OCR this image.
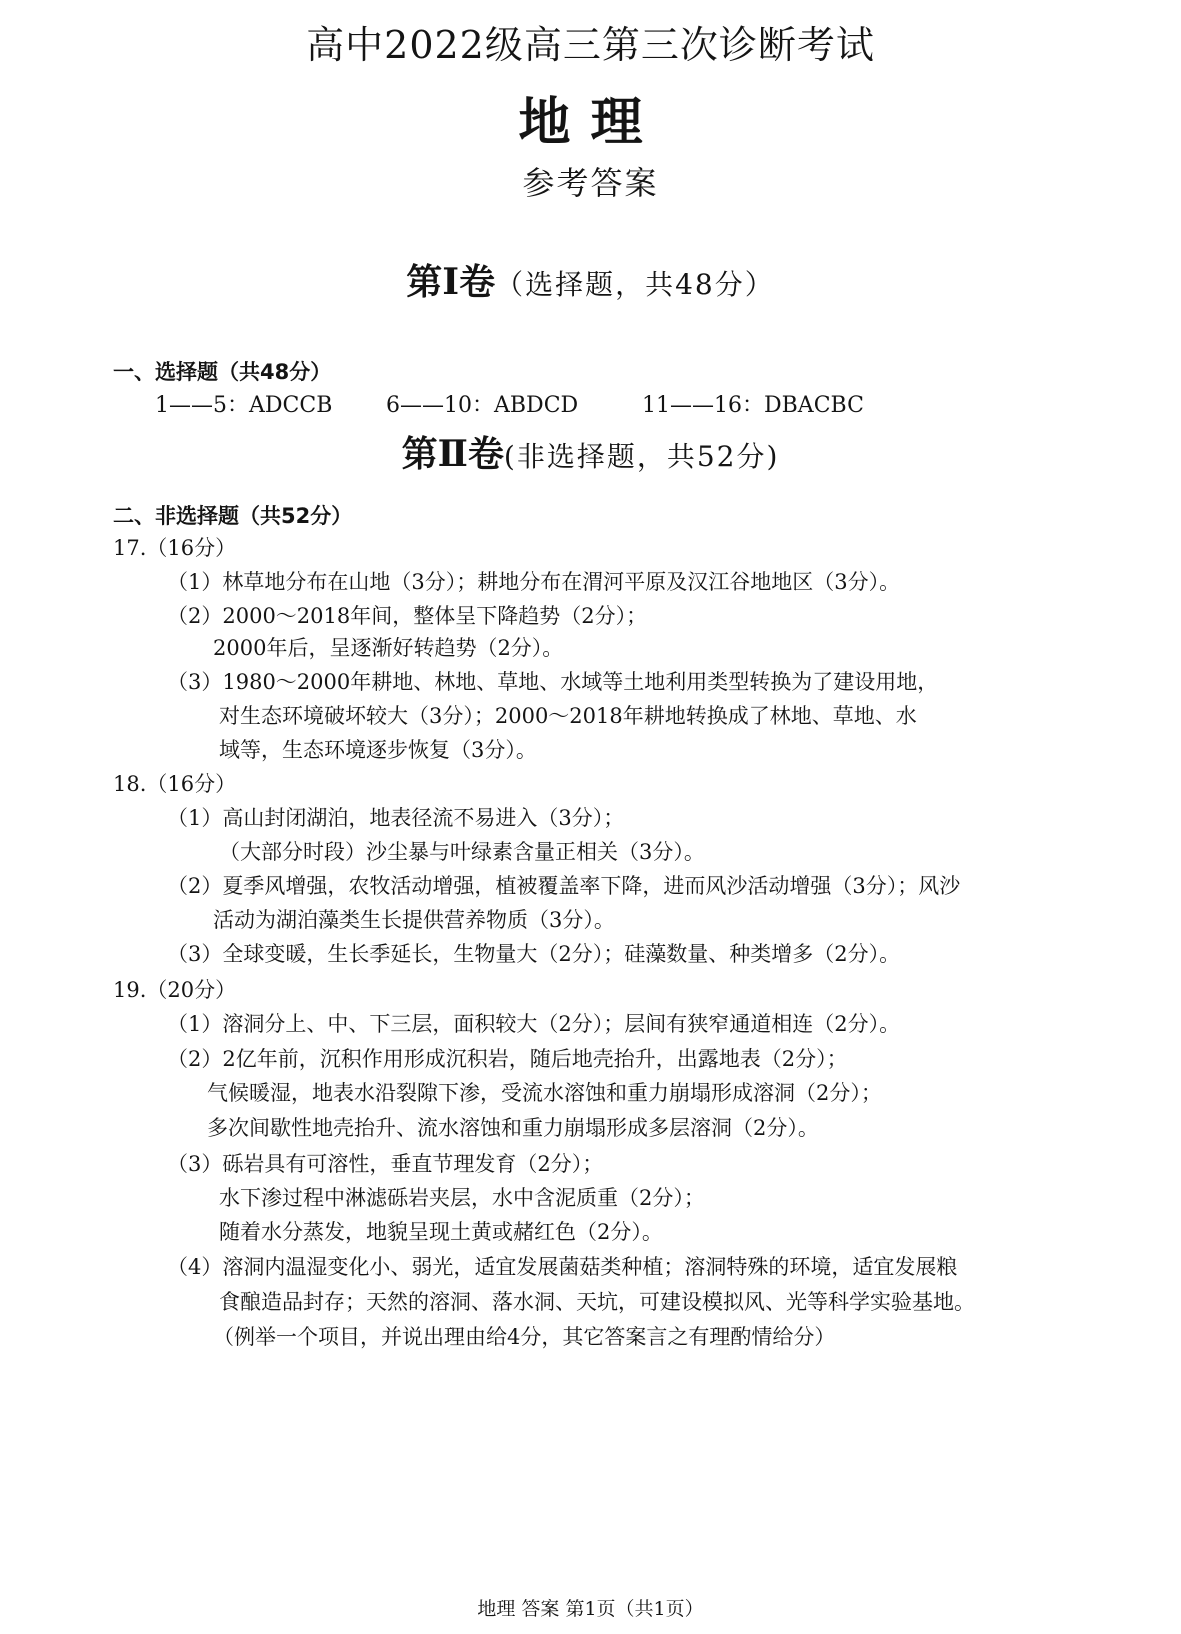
高中2022级高三第三次诊断考试
地理
参考答案
第Ⅰ卷（选择题，共48分）
一、选择题（共48分）
1——5：ADCCB 6——10：ABDCD	11——16：DBACBC
第Ⅱ卷(非选择题，共52分)
二、非选择题（共52分）
17.（16分）
（1）林草地分布在山地（3分）；耕地分布在渭河平原及汉江谷地地区（3分）。
（2）2000～2018年间，整体呈下降趋势（2分）；
2000年后，呈逐渐好转趋势（2分）。
（3）1980～2000年耕地、林地、草地、水域等土地利用类型转换为了建设用地，
对生态环境破坏较大（3分）；2000～2018年耕地转换成了林地、草地、水
域等，生态环境逐步恢复（3分）。
18.（16分）
（1）高山封闭湖泊，地表径流不易进入（3分）；
（大部分时段）沙尘暴与叶绿素含量正相关（3分）。
（2）夏季风增强，农牧活动增强，植被覆盖率下降，进而风沙活动增强（3分）；风沙
活动为湖泊藻类生长提供营养物质（3分）。
（3）全球变暖，生长季延长，生物量大（2分）；硅藻数量、种类增多（2分）。
19.（20分）
（1）溶洞分上、中、下三层，面积较大（2分）；层间有狭窄通道相连（2分）。
（2）2亿年前，沉积作用形成沉积岩，随后地壳抬升，出露地表（2分）；
气候暖湿，地表水沿裂隙下渗，受流水溶蚀和重力崩塌形成溶洞（2分）；
多次间歇性地壳抬升、流水溶蚀和重力崩塌形成多层溶洞（2分）。
（3）砾岩具有可溶性，垂直节理发育（2分）；
水下渗过程中淋滤砾岩夹层，水中含泥质重（2分）；
随着水分蒸发，地貌呈现土黄或赭红色（2分）。
（4）溶洞内温湿变化小、弱光，适宜发展菌菇类种植；溶洞特殊的环境，适宜发展粮
食酿造品封存；天然的溶洞、落水洞、天坑，可建设模拟风、光等科学实验基地。
（例举一个项目，并说出理由给4分，其它答案言之有理酌情给分）
地理 答案 第1页（共1页）
